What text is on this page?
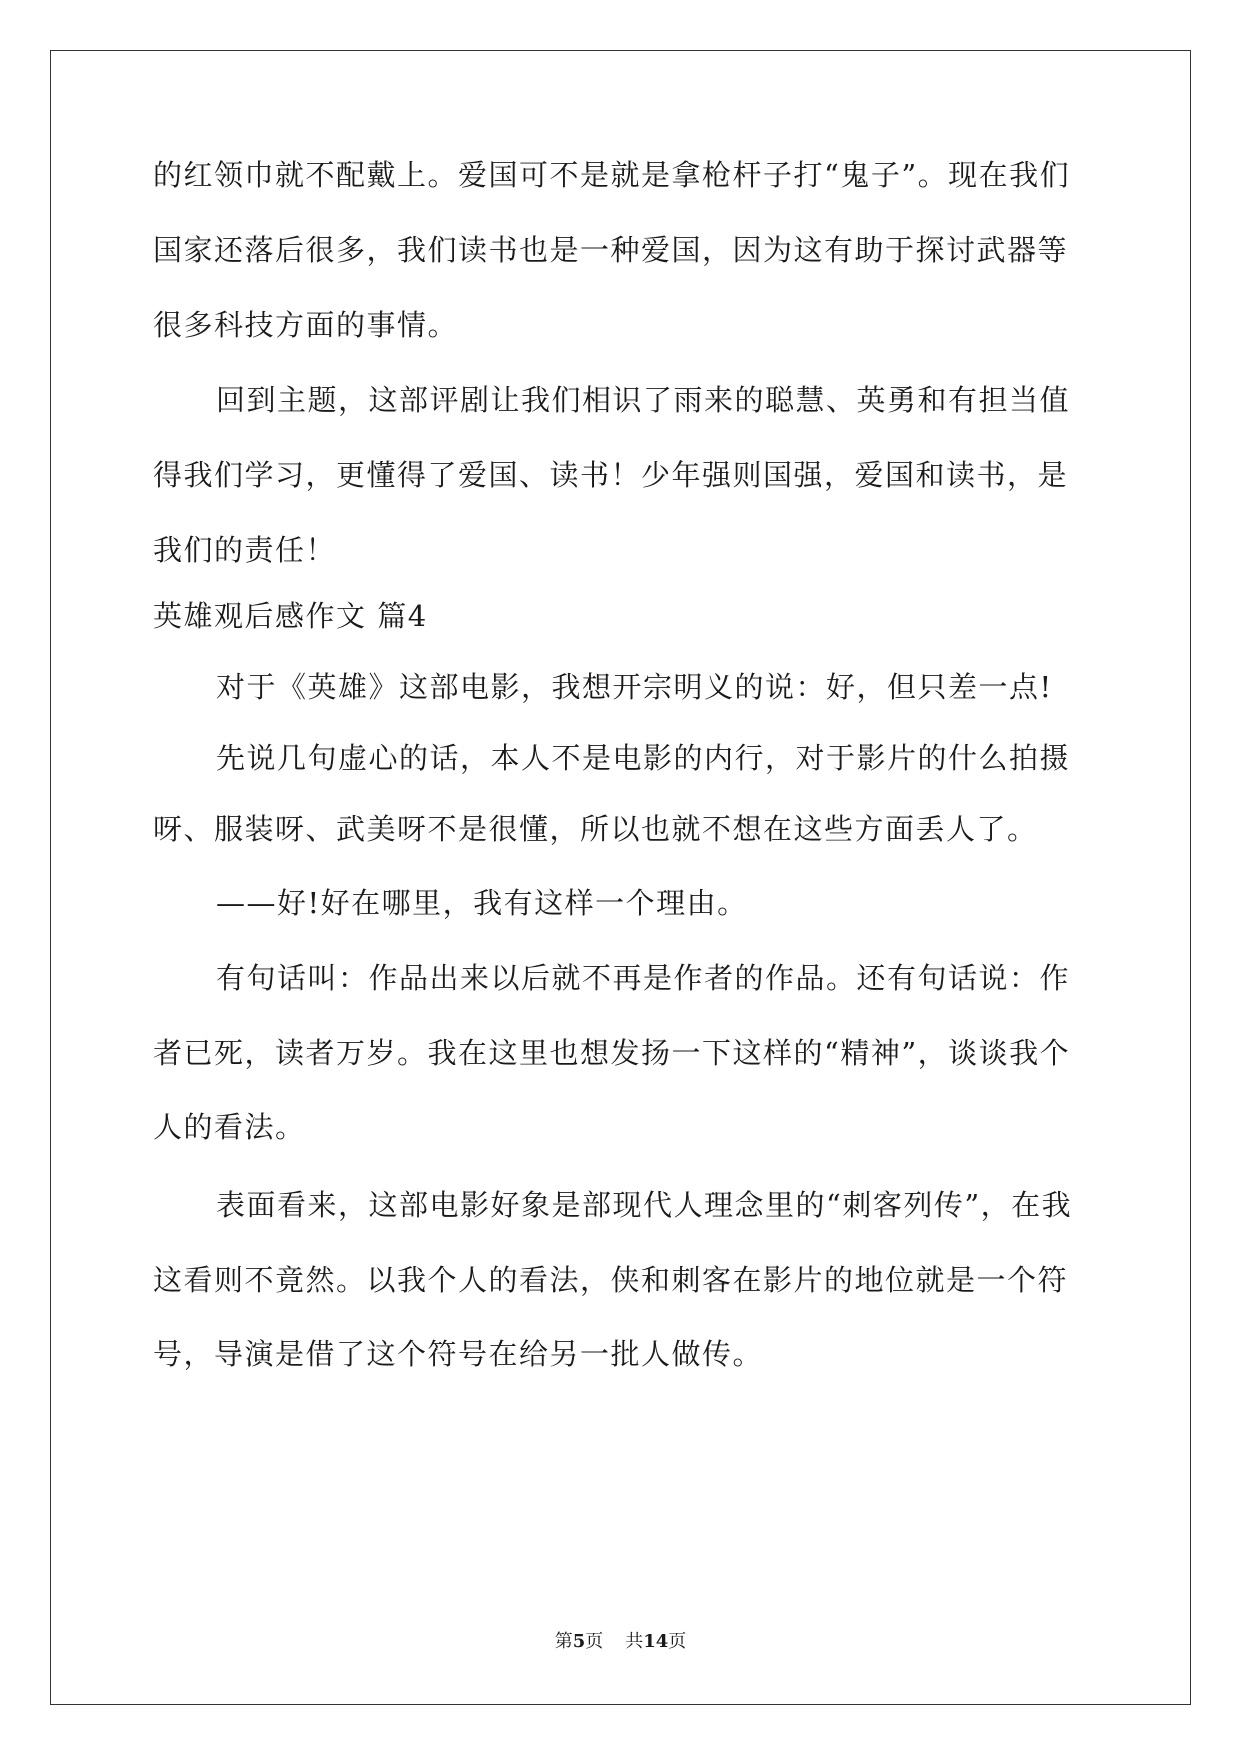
的红领巾就不配戴上。爱国可不是就是拿枪杆子打“鬼子”。现在我们
国家还落后很多，我们读书也是一种爱国，因为这有助于探讨武器等
很多科技方面的事情。
回到主题，这部评剧让我们相识了雨来的聪慧、英勇和有担当值
得我们学习，更懂得了爱国、读书！少年强则国强，爱国和读书，是
我们的责任！
英雄观后感作文 篇4
对于《英雄》这部电影，我想开宗明义的说：好，但只差一点!
先说几句虚心的话，本人不是电影的内行，对于影片的什么拍摄
呀、服装呀、武美呀不是很懂，所以也就不想在这些方面丢人了。
——好!好在哪里，我有这样一个理由。
有句话叫：作品出来以后就不再是作者的作品。还有句话说：作
者已死，读者万岁。我在这里也想发扬一下这样的“精神”，谈谈我个
人的看法。
表面看来，这部电影好象是部现代人理念里的“刺客列传”，在我
这看则不竟然。以我个人的看法，侠和刺客在影片的地位就是一个符
号，导演是借了这个符号在给另一批人做传。
第5页 共14页
